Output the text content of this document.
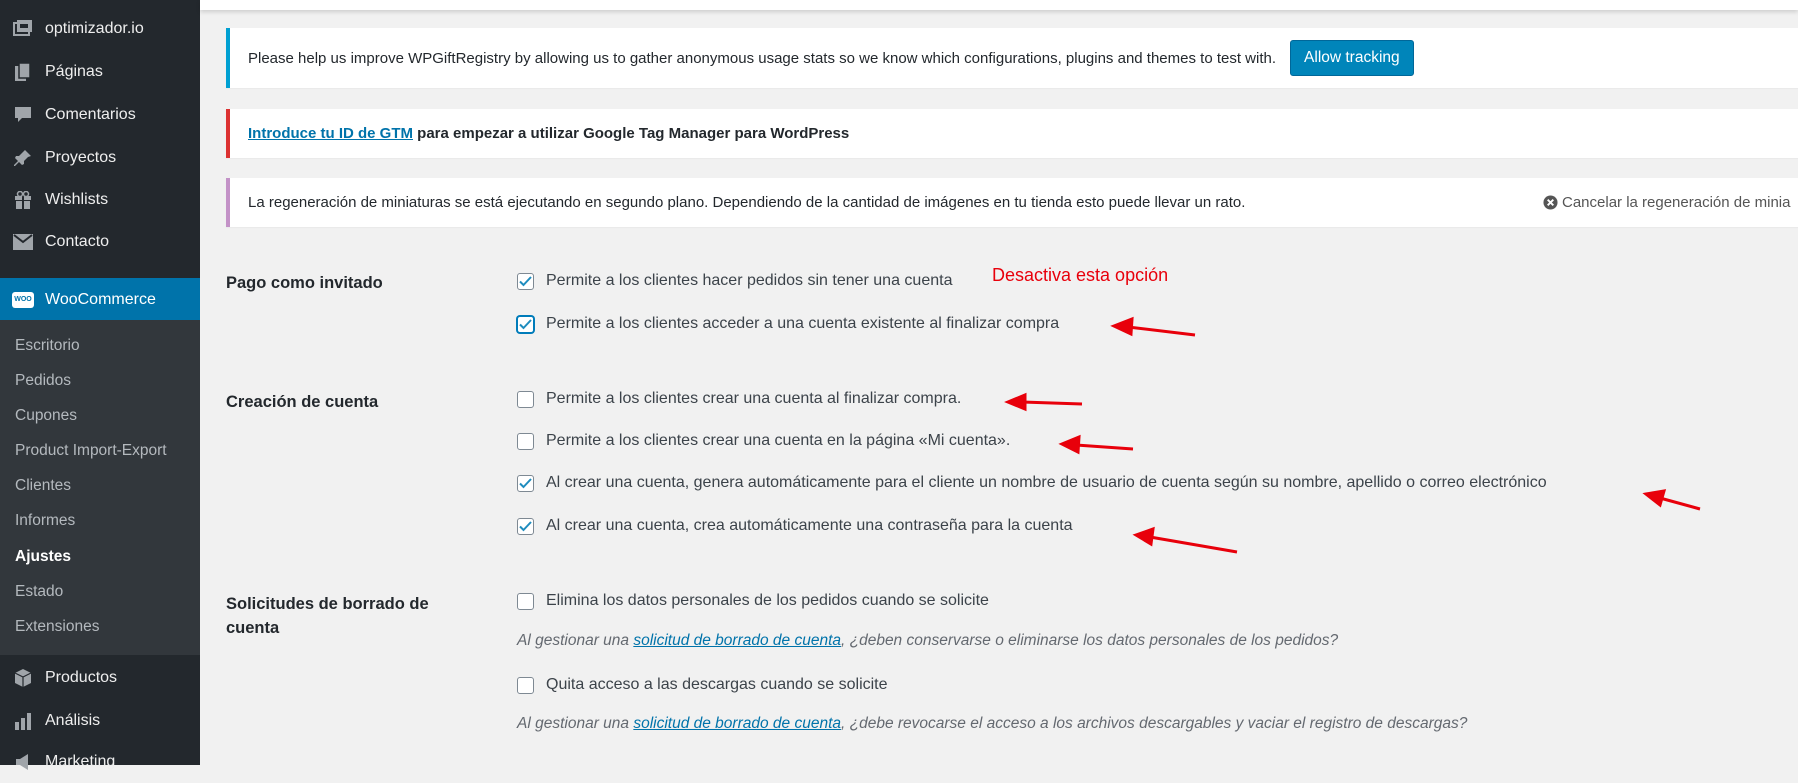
optimizador.io
Páginas
Comentarios
Proyectos
Wishlists
Contacto
WOO WooCommerce
Escritorio
Pedidos
Cupones
Product Import-Export
Clientes
Informes
Ajustes
Estado
Extensiones
Productos
Análisis
Marketing
Please help us improve WPGiftRegistry by allowing us to gather anonymous usage stats so we know which configurations, plugins and themes to test with.	Allow tracking
Introduce tu ID de GTM para empezar a utilizar Google Tag Manager para WordPress
La regeneración de miniaturas se está ejecutando en segundo plano. Dependiendo de la cantidad de imágenes en tu tienda esto puede llevar un rato.	Cancelar la regeneración de minia
Pago como invitado	Permite a los clientes hacer pedidos sin tener una cuenta
Permite a los clientes acceder a una cuenta existente al finalizar compra
Creación de cuenta	Permite a los clientes crear una cuenta al finalizar compra.
Permite a los clientes crear una cuenta en la página «Mi cuenta».
Al crear una cuenta, genera automáticamente para el cliente un nombre de usuario de cuenta según su nombre, apellido o correo electrónico
Al crear una cuenta, crea automáticamente una contraseña para la cuenta
Solicitudes de borrado de cuenta
Elimina los datos personales de los pedidos cuando se solicite
Al gestionar una solicitud de borrado de cuenta, ¿deben conservarse o eliminarse los datos personales de los pedidos?
Quita acceso a las descargas cuando se solicite
Al gestionar una solicitud de borrado de cuenta, ¿debe revocarse el acceso a los archivos descargables y vaciar el registro de descargas?
Desactiva esta opción
